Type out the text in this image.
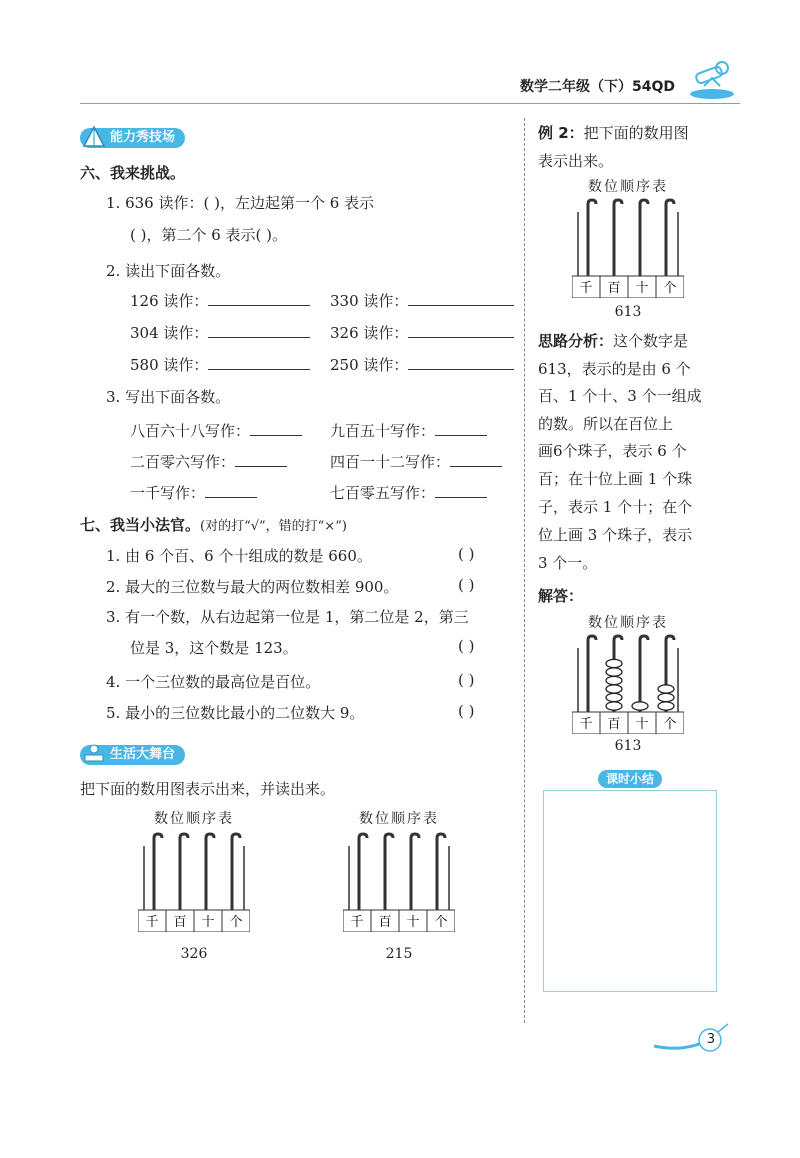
数学二年级（下）54QD
能力秀技场
六、我来挑战。
1. 636 读作：( )，左边起第一个 6 表示
( )，第二个 6 表示( )。
2. 读出下面各数。
126 读作：	330 读作：
304 读作：	326 读作：
580 读作：	250 读作：
3. 写出下面各数。
八百六十八写作：	九百五十写作：
二百零六写作：	四百一十二写作：
一千写作：	七百零五写作：
七、我当小法官。(对的打“√”，错的打“×”)
1. 由 6 个百、6 个十组成的数是 660。	( )
2. 最大的三位数与最大的两位数相差 900。	( )
3. 有一个数，从右边起第一位是 1，第二位是 2，第三
位是 3，这个数是 123。	( )
4. 一个三位数的最高位是百位。	( )
5. 最小的三位数比最小的二位数大 9。	( )
生活大舞台
把下面的数用图表示出来，并读出来。
数位顺序表
千 百 十 个
326
数位顺序表
千 百 十 个
215
例 2：把下面的数用图
表示出来。
数位顺序表
千 百 十 个
613
思路分析：这个数字是
613，表示的是由 6 个
百、1 个十、3 个一组成
的数。所以在百位上
画6个珠子，表示 6 个
百；在十位上画 1 个珠
子，表示 1 个十；在个
位上画 3 个珠子，表示
3 个一。
解答：
数位顺序表
千 百 十 个
613
课时小结
3
